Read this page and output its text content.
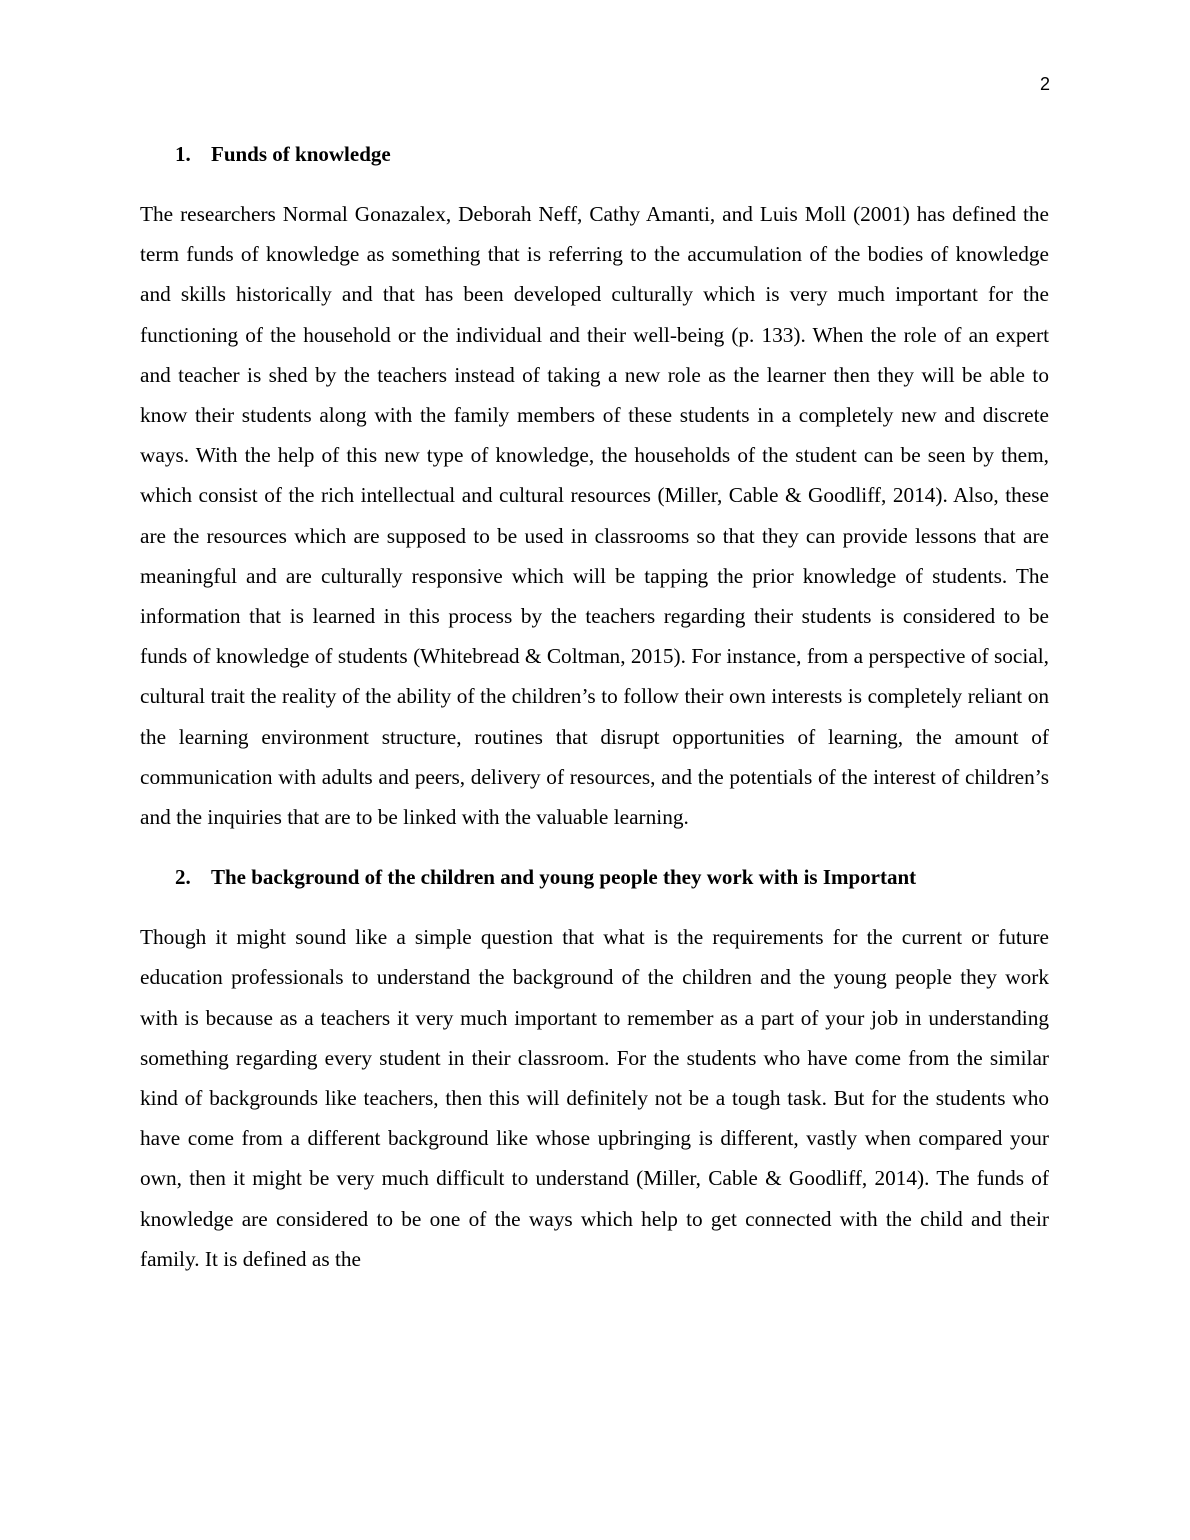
2
1. Funds of knowledge

The researchers Normal Gonazalex, Deborah Neff, Cathy Amanti, and Luis Moll (2001) has defined the term funds of knowledge as something that is referring to the accumulation of the bodies of knowledge and skills historically and that has been developed culturally which is very much important for the functioning of the household or the individual and their well-being (p. 133). When the role of an expert and teacher is shed by the teachers instead of taking a new role as the learner then they will be able to know their students along with the family members of these students in a completely new and discrete ways. With the help of this new type of knowledge, the households of the student can be seen by them, which consist of the rich intellectual and cultural resources (Miller, Cable & Goodliff, 2014). Also, these are the resources which are supposed to be used in classrooms so that they can provide lessons that are meaningful and are culturally responsive which will be tapping the prior knowledge of students. The information that is learned in this process by the teachers regarding their students is considered to be funds of knowledge of students (Whitebread & Coltman, 2015). For instance, from a perspective of social, cultural trait the reality of the ability of the children’s to follow their own interests is completely reliant on the learning environment structure, routines that disrupt opportunities of learning, the amount of communication with adults and peers, delivery of resources, and the potentials of the interest of children’s and the inquiries that are to be linked with the valuable learning.

2. The background of the children and young people they work with is Important

Though it might sound like a simple question that what is the requirements for the current or future education professionals to understand the background of the children and the young people they work with is because as a teachers it very much important to remember as a part of your job in understanding something regarding every student in their classroom. For the students who have come from the similar kind of backgrounds like teachers, then this will definitely not be a tough task. But for the students who have come from a different background like whose upbringing is different, vastly when compared your own, then it might be very much difficult to understand (Miller, Cable & Goodliff, 2014). The funds of knowledge are considered to be one of the ways which help to get connected with the child and their family. It is defined as the
